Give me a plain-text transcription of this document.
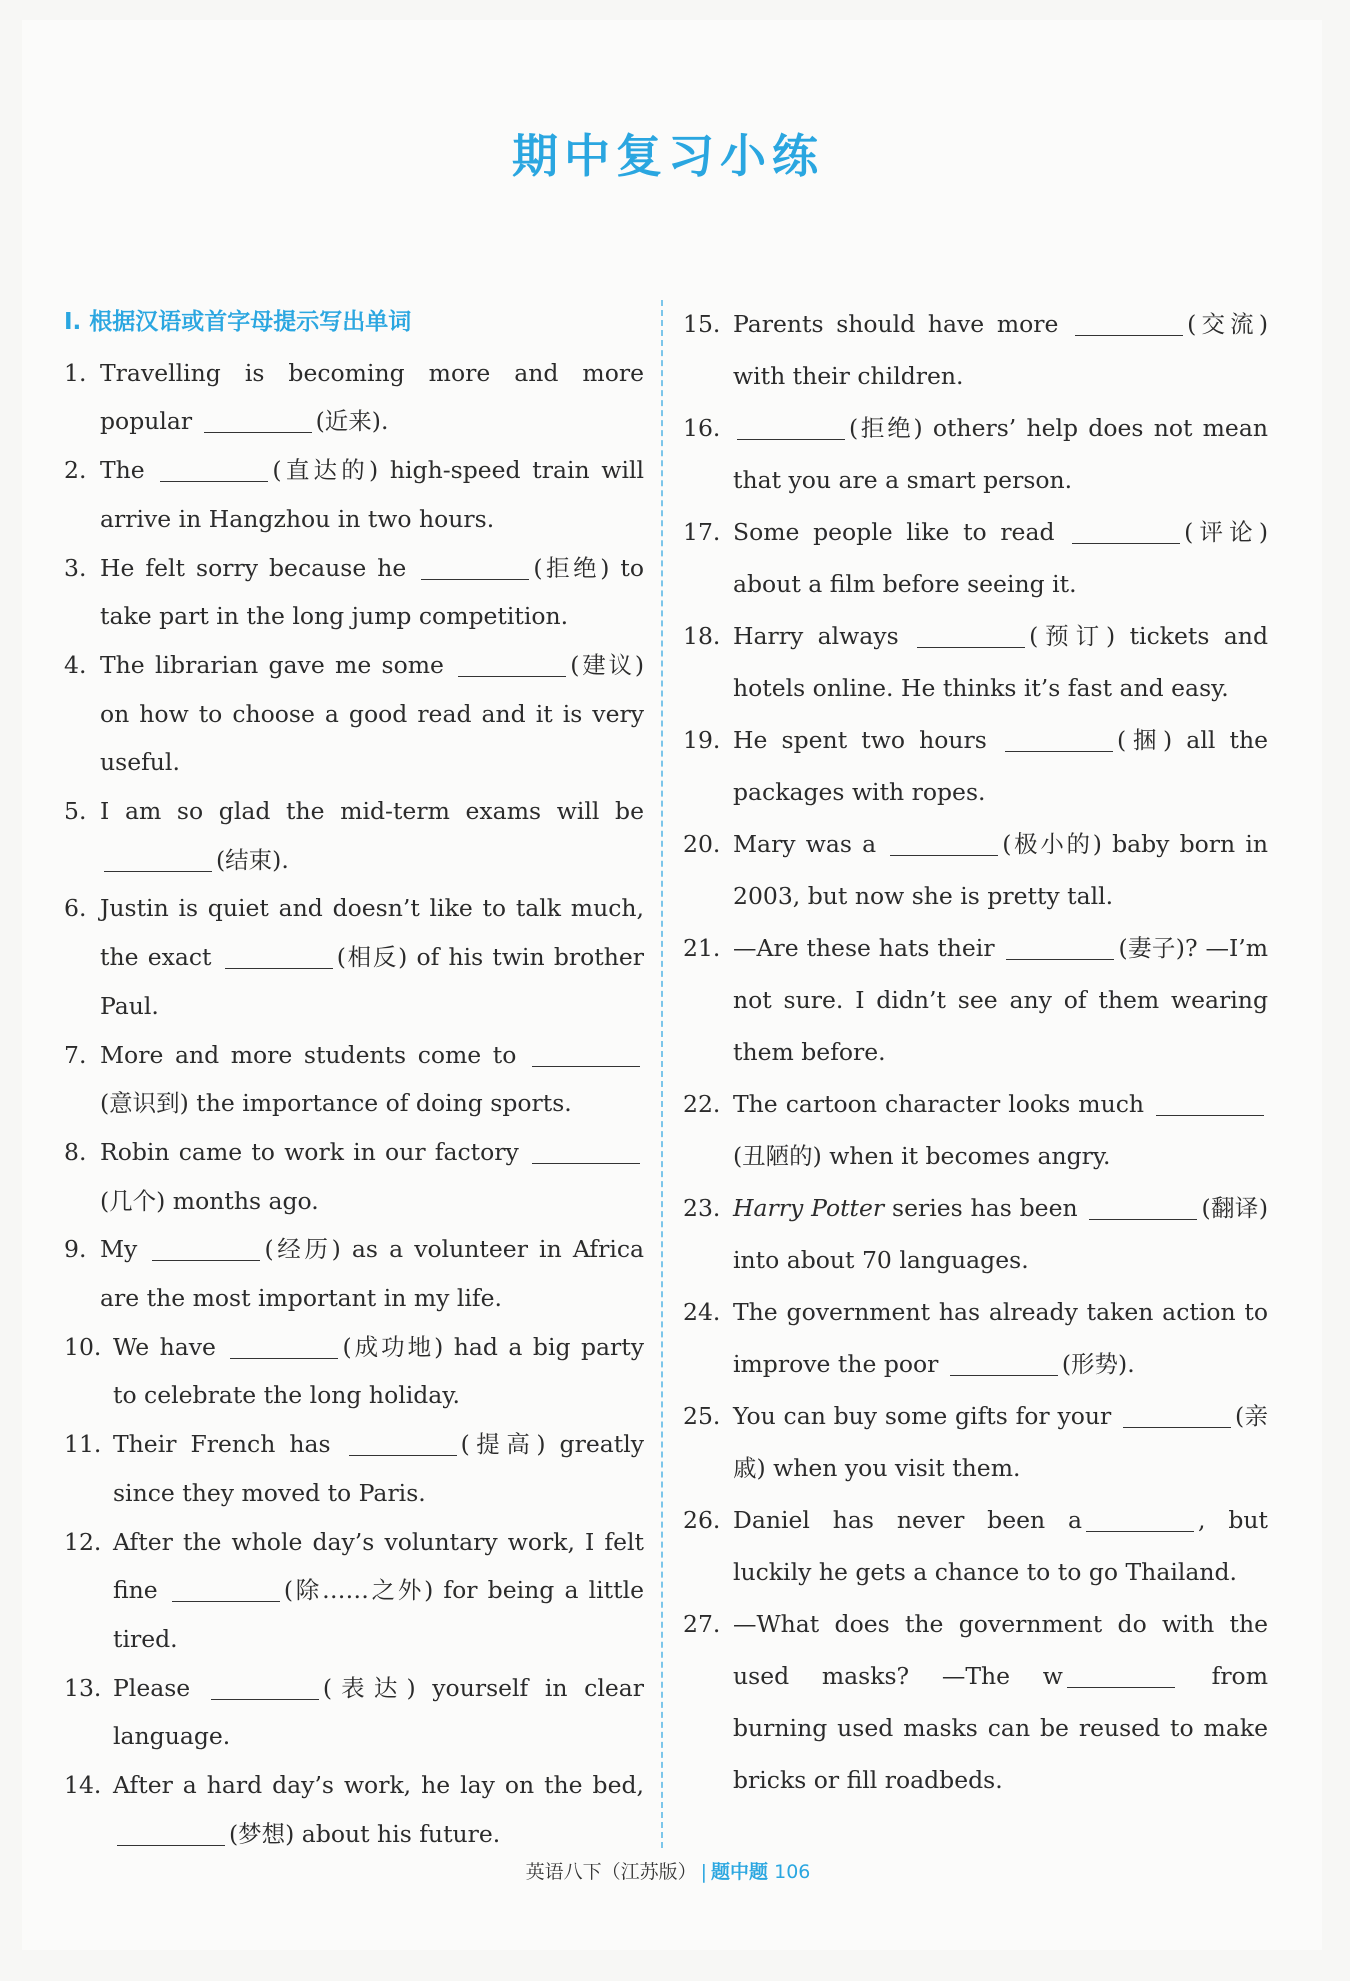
期中复习小练
Ⅰ. 根据汉语或首字母提示写出单词
1. Travelling is becoming more and more popular	(近来).
2. The	(直达的) high-speed train will arrive in Hangzhou in two hours.
3. He felt sorry because he	(拒绝) to take part in the long jump competition.
4. The librarian gave me some	(建议) on how to choose a good read and it is very useful.
5. I am so glad the mid-term exams will be (结束).
6. Justin is quiet and doesn’t like to talk much, the exact	(相反) of his twin brother Paul.
7. More and more students come to (意识到) the importance of doing sports.
8. Robin came to work in our factory (几个) months ago.
9. My	(经历) as a volunteer in Africa are the most important in my life.
10. We have	(成功地) had a big party to celebrate the long holiday.
11. Their French has	(提高) greatly since they moved to Paris.
12. After the whole day’s voluntary work, I felt fine	(除……之外) for being a little tired.
13. Please	(表达) yourself in clear language.
14. After a hard day’s work, he lay on the bed, (梦想) about his future.
15. Parents should have more	(交流) with their children.
16.	(拒绝) others’ help does not mean that you are a smart person.
17. Some people like to read	(评论) about a film before seeing it.
18. Harry always	(预订) tickets and hotels online. He thinks it’s fast and easy.
19. He spent two hours	(捆) all the packages with ropes.
20. Mary was a	(极小的) baby born in 2003, but now she is pretty tall.
21. —Are these hats their	(妻子)? —I’m not sure. I didn’t see any of them wearing them before.
22. The cartoon character looks much (丑陋的) when it becomes angry.
23. Harry Potter series has been	(翻译) into about 70 languages.
24. The government has already taken action to improve the poor	(形势).
25. You can buy some gifts for your	(亲戚) when you visit them.
26. Daniel has never been a	, but luckily he gets a chance to to go Thailand.
27. —What does the government do with the used masks? —The w	from burning used masks can be reused to make bricks or fill roadbeds.
英语八下（江苏版） | 题中题 106
